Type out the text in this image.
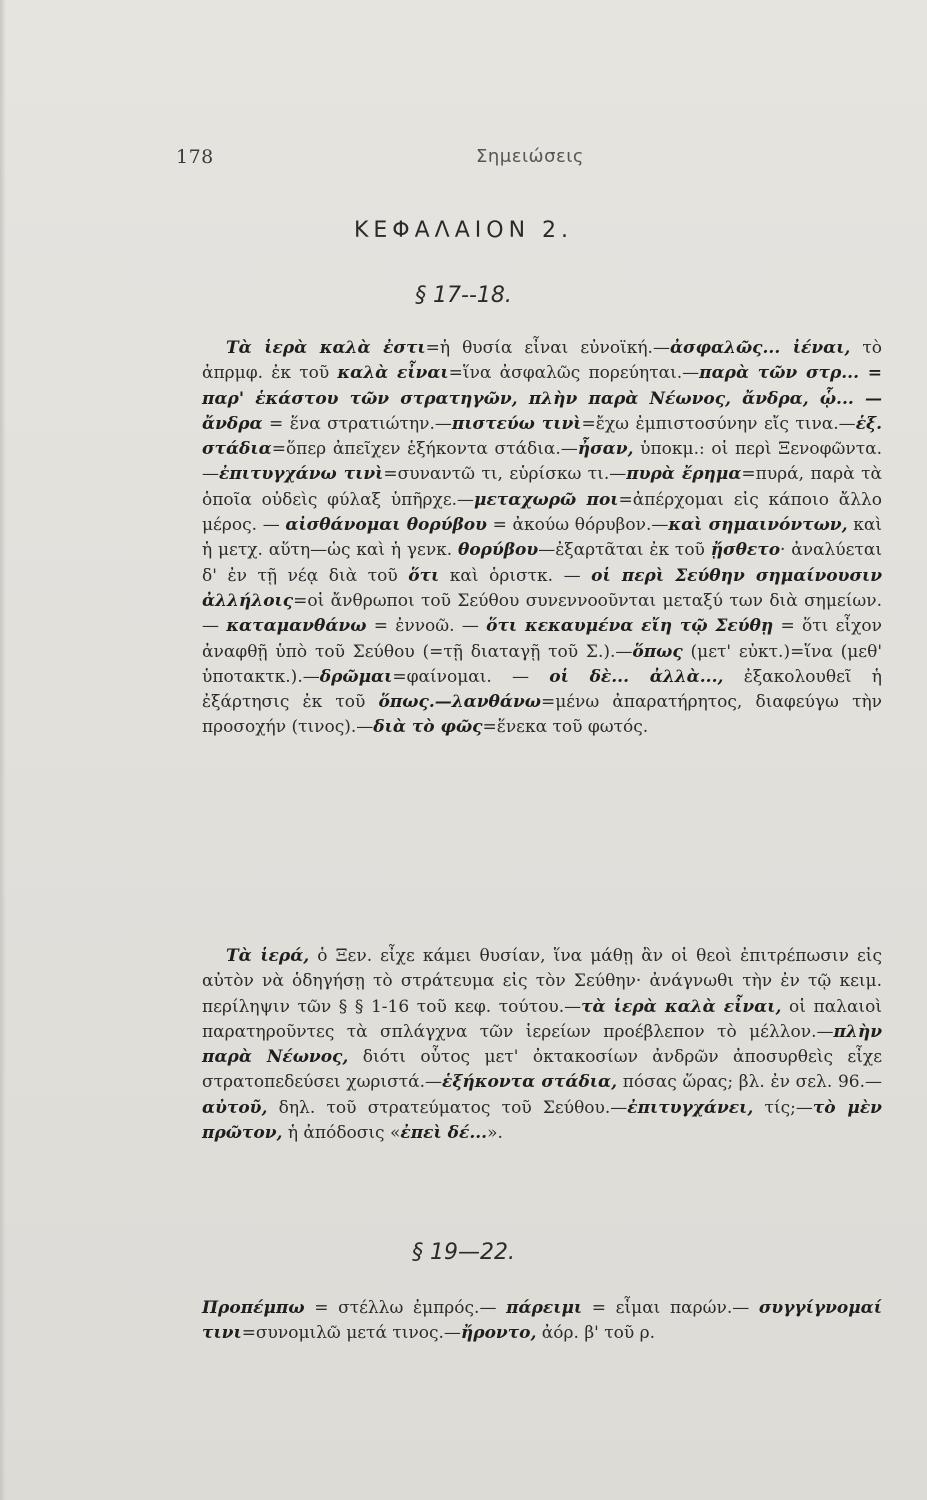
178	Σημειώσεις
ΚΕΦΑΛΑΙΟΝ 2.
§ 17--18.
Τὰ ἱερὰ καλὰ ἐστι=ἡ θυσία εἶναι εὐνοϊκή.—ἀσφαλῶς... ἰέναι, τὸ ἀπρμφ. ἐκ τοῦ καλὰ εἶναι=ἵνα ἀσφαλῶς πορεύηται.—παρὰ τῶν στρ... = παρ' ἑκάστου τῶν στρατηγῶν, πλὴν παρὰ Νέωνος, ἄνδρα, ᾧ... — ἄνδρα = ἕνα στρατιώτην.—πιστεύω τινὶ=ἔχω ἐμπιστοσύνην εἴς τινα.—ἑξ. στάδια=ὅπερ ἀπεῖχεν ἑξήκοντα στάδια.—ἦσαν, ὑποκμ.: οἱ περὶ Ξενοφῶντα.—ἐπιτυγχάνω τινὶ=συναντῶ τι, εὑρίσκω τι.—πυρὰ ἔρημα=πυρά, παρὰ τὰ ὁποῖα οὐδεὶς φύλαξ ὑπῆρχε.—μεταχωρῶ ποι=ἀπέρχομαι εἰς κάποιο ἄλλο μέρος. — αἰσθάνομαι θορύβου = ἀκούω θόρυβον.—καὶ σημαινόντων, καὶ ἡ μετχ. αὕτη—ὡς καὶ ἡ γενκ. θορύβου—ἐξαρτᾶται ἐκ τοῦ ᾔσθετο· ἀναλύεται δ' ἐν τῇ νέᾳ διὰ τοῦ ὅτι καὶ ὁριστκ. — οἱ περὶ Σεύθην σημαίνουσιν ἀλλήλοις=οἱ ἄνθρωποι τοῦ Σεύθου συνεννοοῦνται μεταξύ των διὰ σημείων. — καταμανθάνω = ἐννοῶ. — ὅτι κεκαυμένα εἴη τῷ Σεύθῃ = ὅτι εἶχον ἀναφθῇ ὑπὸ τοῦ Σεύθου (=τῇ διαταγῇ τοῦ Σ.).—ὅπως (μετ' εὐκτ.)=ἵνα (μεθ' ὑποτακτκ.).—δρῶμαι=φαίνομαι. — οἱ δὲ... ἀλλὰ..., ἐξακολουθεῖ ἡ ἐξάρτησις ἐκ τοῦ ὅπως.—λανθάνω=μένω ἀπαρατήρητος, διαφεύγω τὴν προσοχήν (τινος).—διὰ τὸ φῶς=ἕνεκα τοῦ φωτός.
Τὰ ἱερά, ὁ Ξεν. εἶχε κάμει θυσίαν, ἵνα μάθῃ ἂν οἱ θεοὶ ἐπιτρέπωσιν εἰς αὐτὸν νὰ ὁδηγήσῃ τὸ στράτευμα εἰς τὸν Σεύθην· ἀνάγνωθι τὴν ἐν τῷ κειμ. περίληψιν τῶν § § 1-16 τοῦ κεφ. τούτου.—τὰ ἱερὰ καλὰ εἶναι, οἱ παλαιοὶ παρατηροῦντες τὰ σπλάγχνα τῶν ἱερείων προέβλεπον τὸ μέλλον.—πλὴν παρὰ Νέωνος, διότι οὗτος μετ' ὀκτακοσίων ἀνδρῶν ἀποσυρθεὶς εἶχε στρατοπεδεύσει χωριστά.—ἑξήκοντα στάδια, πόσας ὥρας; βλ. ἐν σελ. 96.—αὐτοῦ, δηλ. τοῦ στρατεύματος τοῦ Σεύθου.—ἐπιτυγχάνει, τίς;—τὸ μὲν πρῶτον, ἡ ἀπόδοσις «ἐπεὶ δέ...».
§ 19—22.
Προπέμπω = στέλλω ἐμπρός.— πάρειμι = εἶμαι παρών.— συγγίγνομαί τινι=συνομιλῶ μετά τινος.—ἤροντο, ἀόρ. β' τοῦ ρ.
